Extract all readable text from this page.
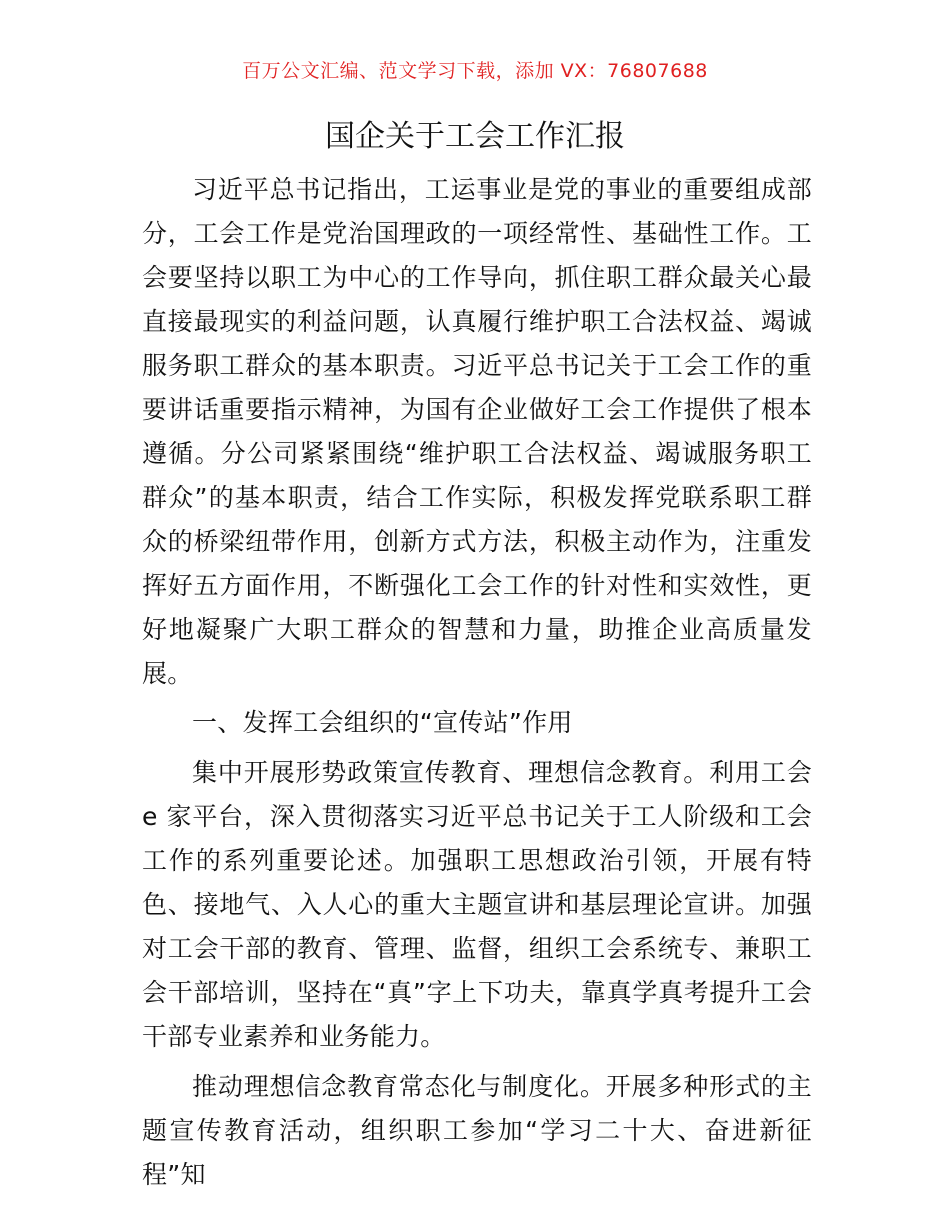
百万公文汇编、范文学习下载，添加 VX：76807688
国企关于工会工作汇报

习近平总书记指出，工运事业是党的事业的重要组成部分，工会工作是党治国理政的一项经常性、基础性工作。工会要坚持以职工为中心的工作导向，抓住职工群众最关心最直接最现实的利益问题，认真履行维护职工合法权益、竭诚服务职工群众的基本职责。习近平总书记关于工会工作的重要讲话重要指示精神，为国有企业做好工会工作提供了根本遵循。分公司紧紧围绕“维护职工合法权益、竭诚服务职工群众”的基本职责，结合工作实际，积极发挥党联系职工群众的桥梁纽带作用，创新方式方法，积极主动作为，注重发挥好五方面作用，不断强化工会工作的针对性和实效性，更好地凝聚广大职工群众的智慧和力量，助推企业高质量发展。

一、发挥工会组织的“宣传站”作用

集中开展形势政策宣传教育、理想信念教育。利用工会 e 家平台，深入贯彻落实习近平总书记关于工人阶级和工会工作的系列重要论述。加强职工思想政治引领，开展有特色、接地气、入人心的重大主题宣讲和基层理论宣讲。加强对工会干部的教育、管理、监督，组织工会系统专、兼职工会干部培训，坚持在“真”字上下功夫，靠真学真考提升工会干部专业素养和业务能力。

推动理想信念教育常态化与制度化。开展多种形式的主题宣传教育活动，组织职工参加“学习二十大、奋进新征程”知
